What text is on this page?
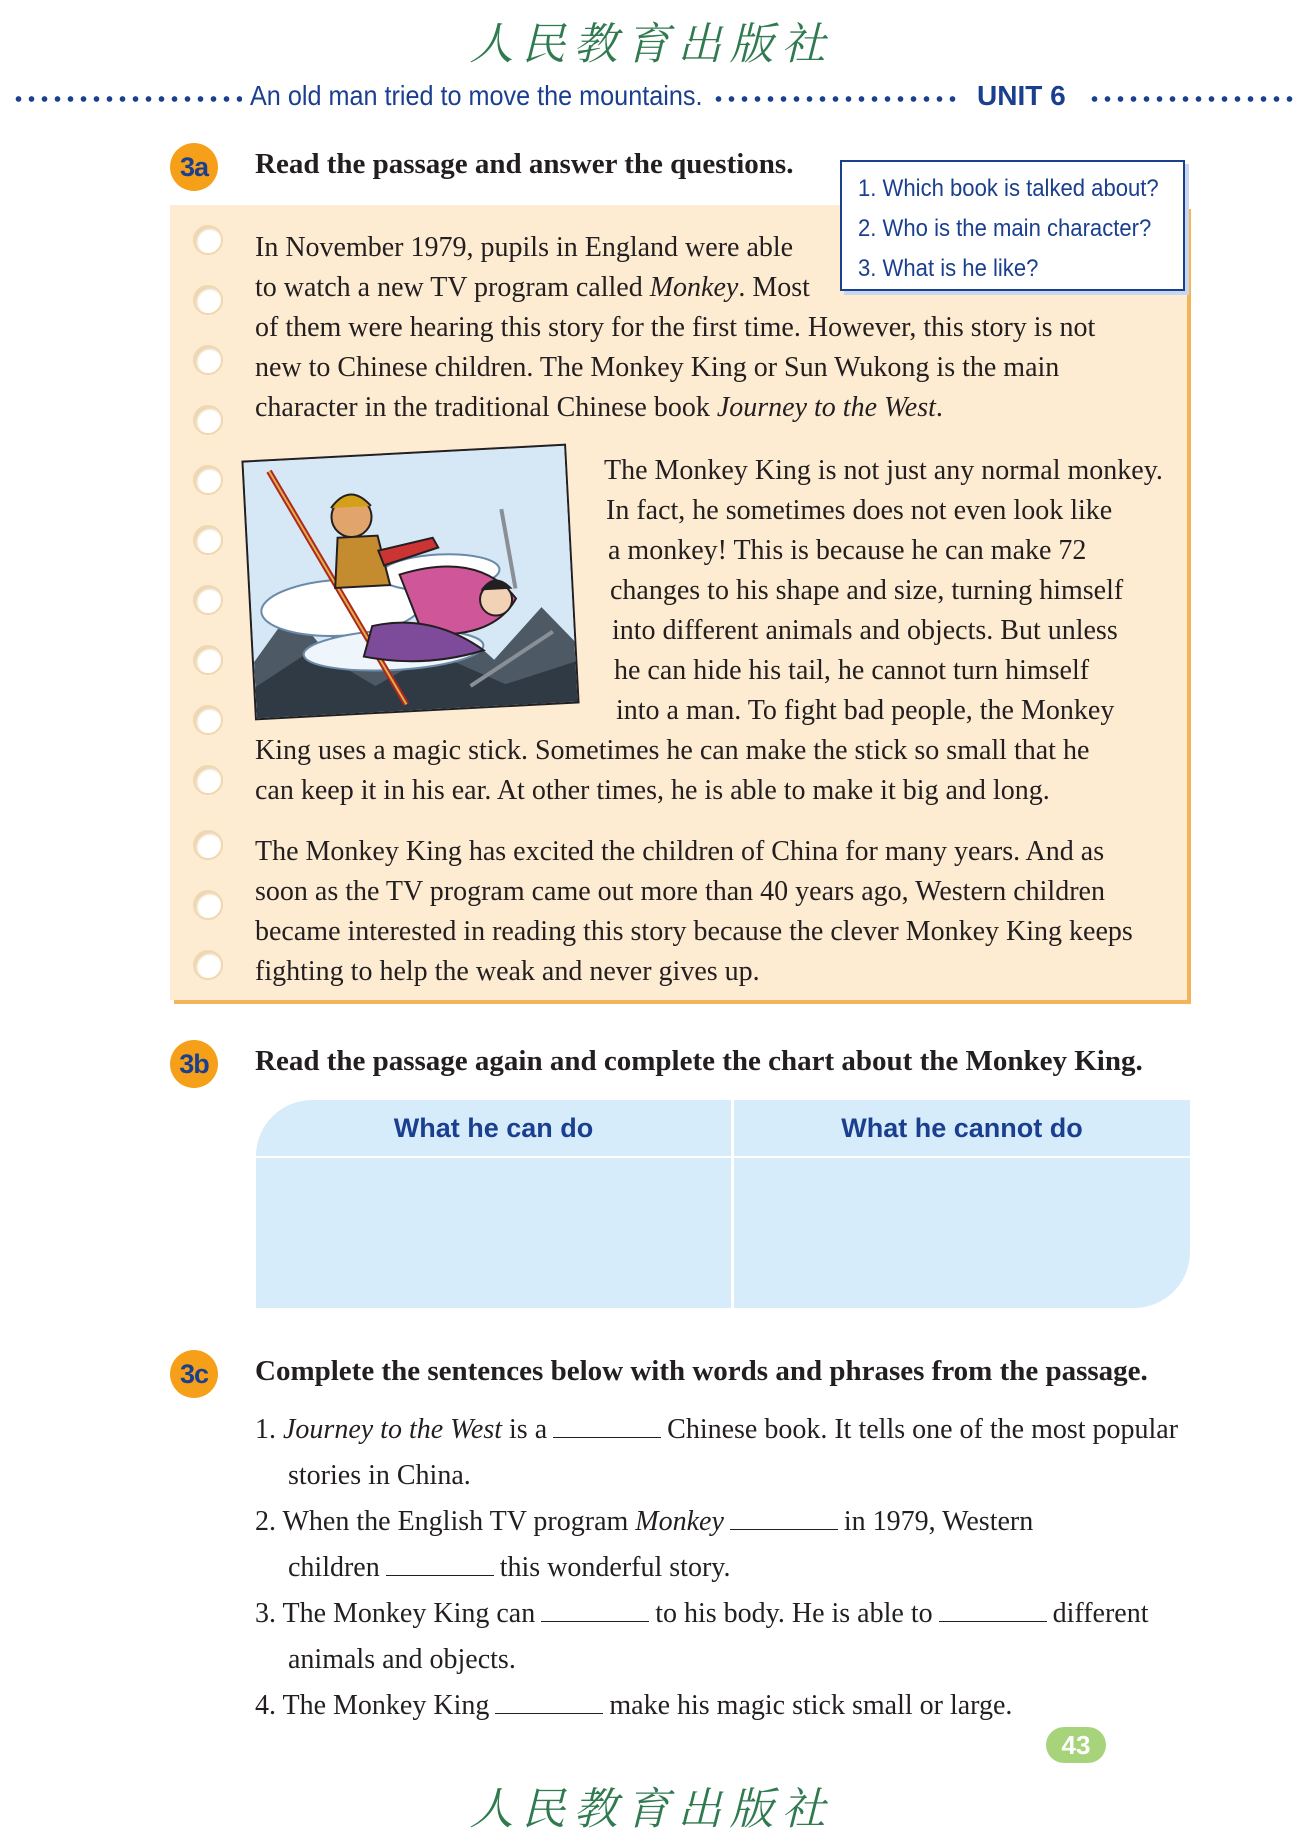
人民教育出版社
An old man tried to move the mountains.	UNIT 6
3a	Read the passage and answer the questions.
1. Which book is talked about?
2. Who is the main character?
3. What is he like?
In November 1979, pupils in England were able
to watch a new TV program called Monkey. Most
of them were hearing this story for the first time. However, this story is not
new to Chinese children. The Monkey King or Sun Wukong is the main
character in the traditional Chinese book Journey to the West.
The Monkey King is not just any normal monkey.
In fact, he sometimes does not even look like
a monkey! This is because he can make 72
changes to his shape and size, turning himself
into different animals and objects. But unless
he can hide his tail, he cannot turn himself
into a man. To fight bad people, the Monkey
King uses a magic stick. Sometimes he can make the stick so small that he
can keep it in his ear. At other times, he is able to make it big and long.
The Monkey King has excited the children of China for many years. And as
soon as the TV program came out more than 40 years ago, Western children
became interested in reading this story because the clever Monkey King keeps
fighting to help the weak and never gives up.
3b	Read the passage again and complete the chart about the Monkey King.
What he can do	What he cannot do
3c	Complete the sentences below with words and phrases from the passage.
1. Journey to the West is a	Chinese book. It tells one of the most popular
stories in China.
2. When the English TV program Monkey	in 1979, Western
children	this wonderful story.
3. The Monkey King can	to his body. He is able to	different
animals and objects.
4. The Monkey King	make his magic stick small or large.
43
人民教育出版社
